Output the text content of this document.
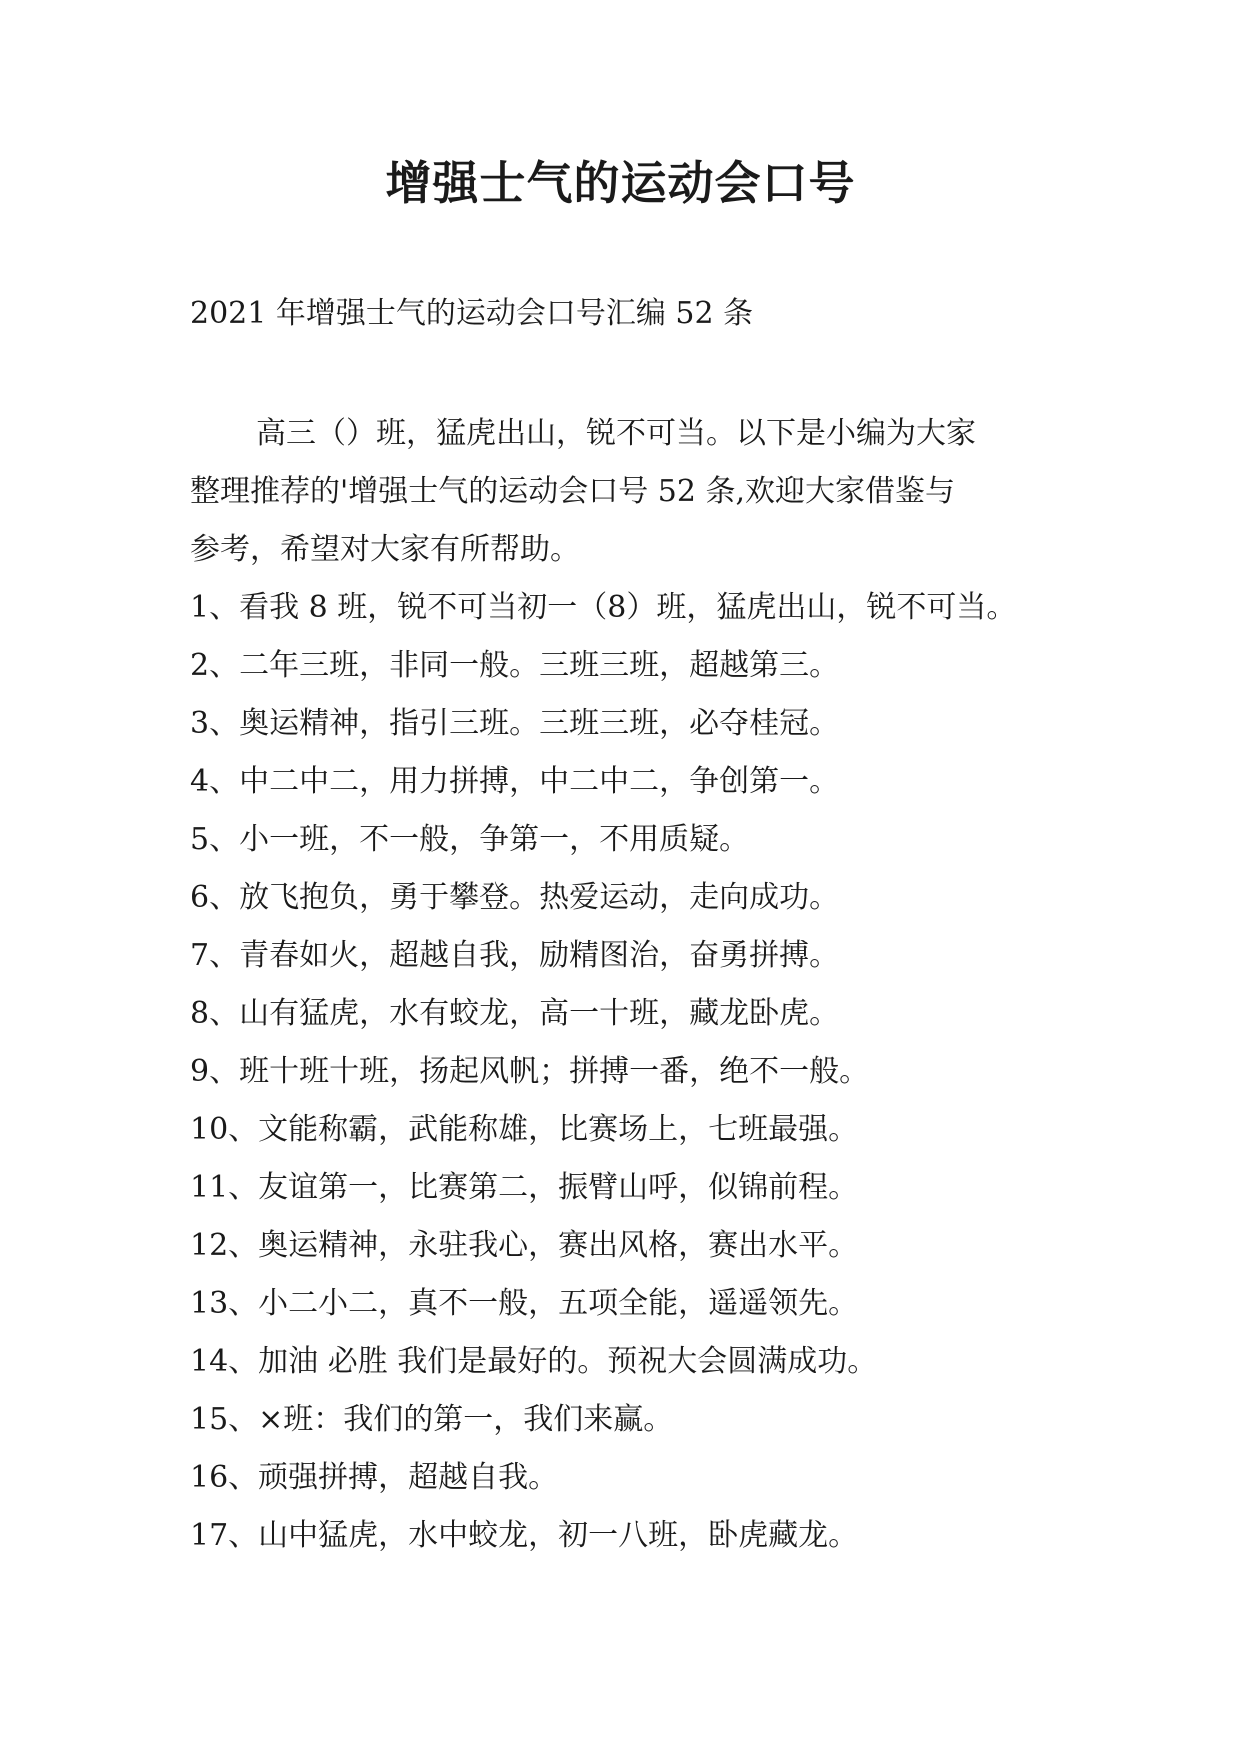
增强士气的运动会口号

2021 年增强士气的运动会口号汇编 52 条

高三（）班，猛虎出山，锐不可当。以下是小编为大家
整理推荐的'增强士气的运动会口号 52 条,欢迎大家借鉴与
参考，希望对大家有所帮助。

1、看我 8 班，锐不可当初一（8）班，猛虎出山，锐不可当。
2、二年三班，非同一般。三班三班，超越第三。
3、奥运精神，指引三班。三班三班，必夺桂冠。
4、中二中二，用力拼搏，中二中二，争创第一。
5、小一班，不一般，争第一，不用质疑。
6、放飞抱负，勇于攀登。热爱运动，走向成功。
7、青春如火，超越自我，励精图治，奋勇拼搏。
8、山有猛虎，水有蛟龙，高一十班，藏龙卧虎。
9、班十班十班，扬起风帆；拼搏一番，绝不一般。
10、文能称霸，武能称雄，比赛场上，七班最强。
11、友谊第一，比赛第二，振臂山呼，似锦前程。
12、奥运精神，永驻我心，赛出风格，赛出水平。
13、小二小二，真不一般，五项全能，遥遥领先。
14、加油 必胜 我们是最好的。预祝大会圆满成功。
15、×班：我们的第一，我们来赢。
16、顽强拼搏，超越自我。
17、山中猛虎，水中蛟龙，初一八班，卧虎藏龙。
